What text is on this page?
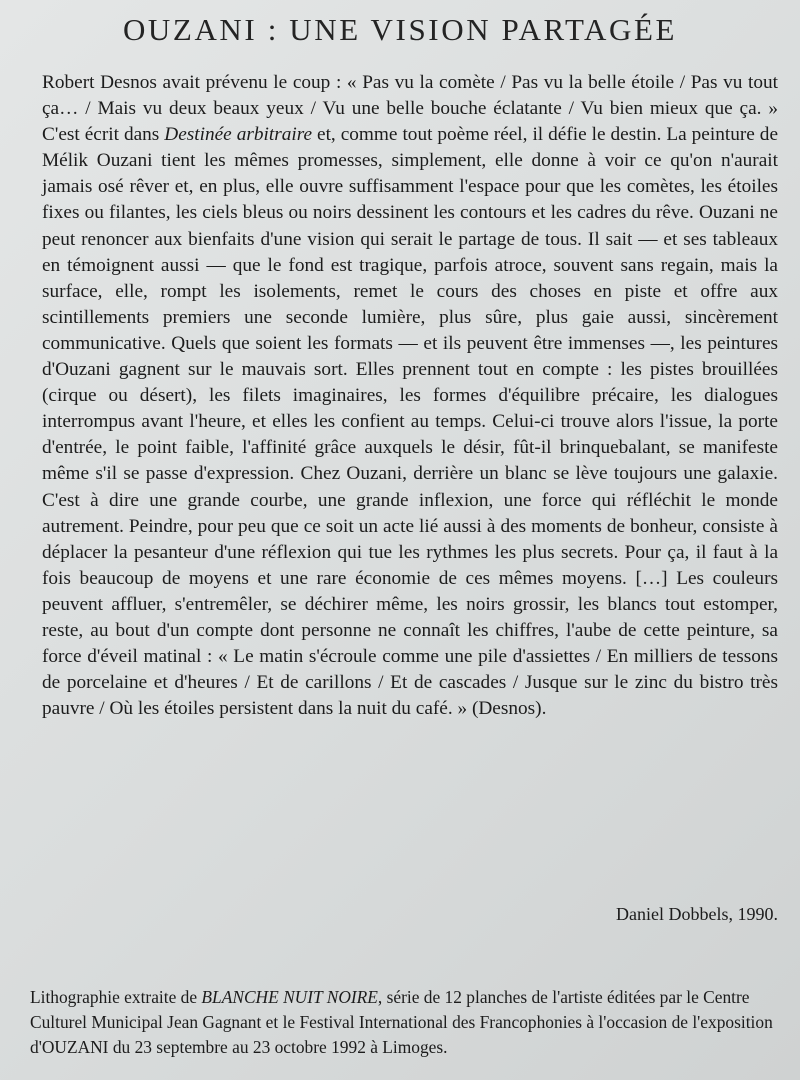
OUZANI : UNE VISION PARTAGÉE

Robert Desnos avait prévenu le coup : « Pas vu la comète / Pas vu la belle étoile / Pas vu tout ça… / Mais vu deux beaux yeux / Vu une belle bouche éclatante / Vu bien mieux que ça. » C'est écrit dans Destinée arbitraire et, comme tout poème réel, il défie le destin. La peinture de Mélik Ouzani tient les mêmes promesses, simplement, elle donne à voir ce qu'on n'aurait jamais osé rêver et, en plus, elle ouvre suffisamment l'espace pour que les comètes, les étoiles fixes ou filantes, les ciels bleus ou noirs dessinent les contours et les cadres du rêve. Ouzani ne peut renoncer aux bienfaits d'une vision qui serait le partage de tous. Il sait — et ses tableaux en témoignent aussi — que le fond est tragique, parfois atroce, souvent sans regain, mais la surface, elle, rompt les isolements, remet le cours des choses en piste et offre aux scintillements premiers une seconde lumière, plus sûre, plus gaie aussi, sincèrement communicative. Quels que soient les formats — et ils peuvent être immenses —, les peintures d'Ouzani gagnent sur le mauvais sort. Elles prennent tout en compte : les pistes brouillées (cirque ou désert), les filets imaginaires, les formes d'équilibre précaire, les dialogues interrompus avant l'heure, et elles les confient au temps. Celui-ci trouve alors l'issue, la porte d'entrée, le point faible, l'affinité grâce auxquels le désir, fût-il brinquebalant, se manifeste même s'il se passe d'expression. Chez Ouzani, derrière un blanc se lève toujours une galaxie. C'est à dire une grande courbe, une grande inflexion, une force qui réfléchit le monde autrement. Peindre, pour peu que ce soit un acte lié aussi à des moments de bonheur, consiste à déplacer la pesanteur d'une réflexion qui tue les rythmes les plus secrets. Pour ça, il faut à la fois beaucoup de moyens et une rare économie de ces mêmes moyens. […] Les couleurs peuvent affluer, s'entremêler, se déchirer même, les noirs grossir, les blancs tout estomper, reste, au bout d'un compte dont personne ne connaît les chiffres, l'aube de cette peinture, sa force d'éveil matinal : « Le matin s'écroule comme une pile d'assiettes / En milliers de tessons de porcelaine et d'heures / Et de carillons / Et de cascades / Jusque sur le zinc du bistro très pauvre / Où les étoiles persistent dans la nuit du café. » (Desnos).

Daniel Dobbels, 1990.

Lithographie extraite de BLANCHE NUIT NOIRE, série de 12 planches de l'artiste éditées par le Centre Culturel Municipal Jean Gagnant et le Festival International des Francophonies à l'occasion de l'exposition d'OUZANI du 23 septembre au 23 octobre 1992 à Limoges.
